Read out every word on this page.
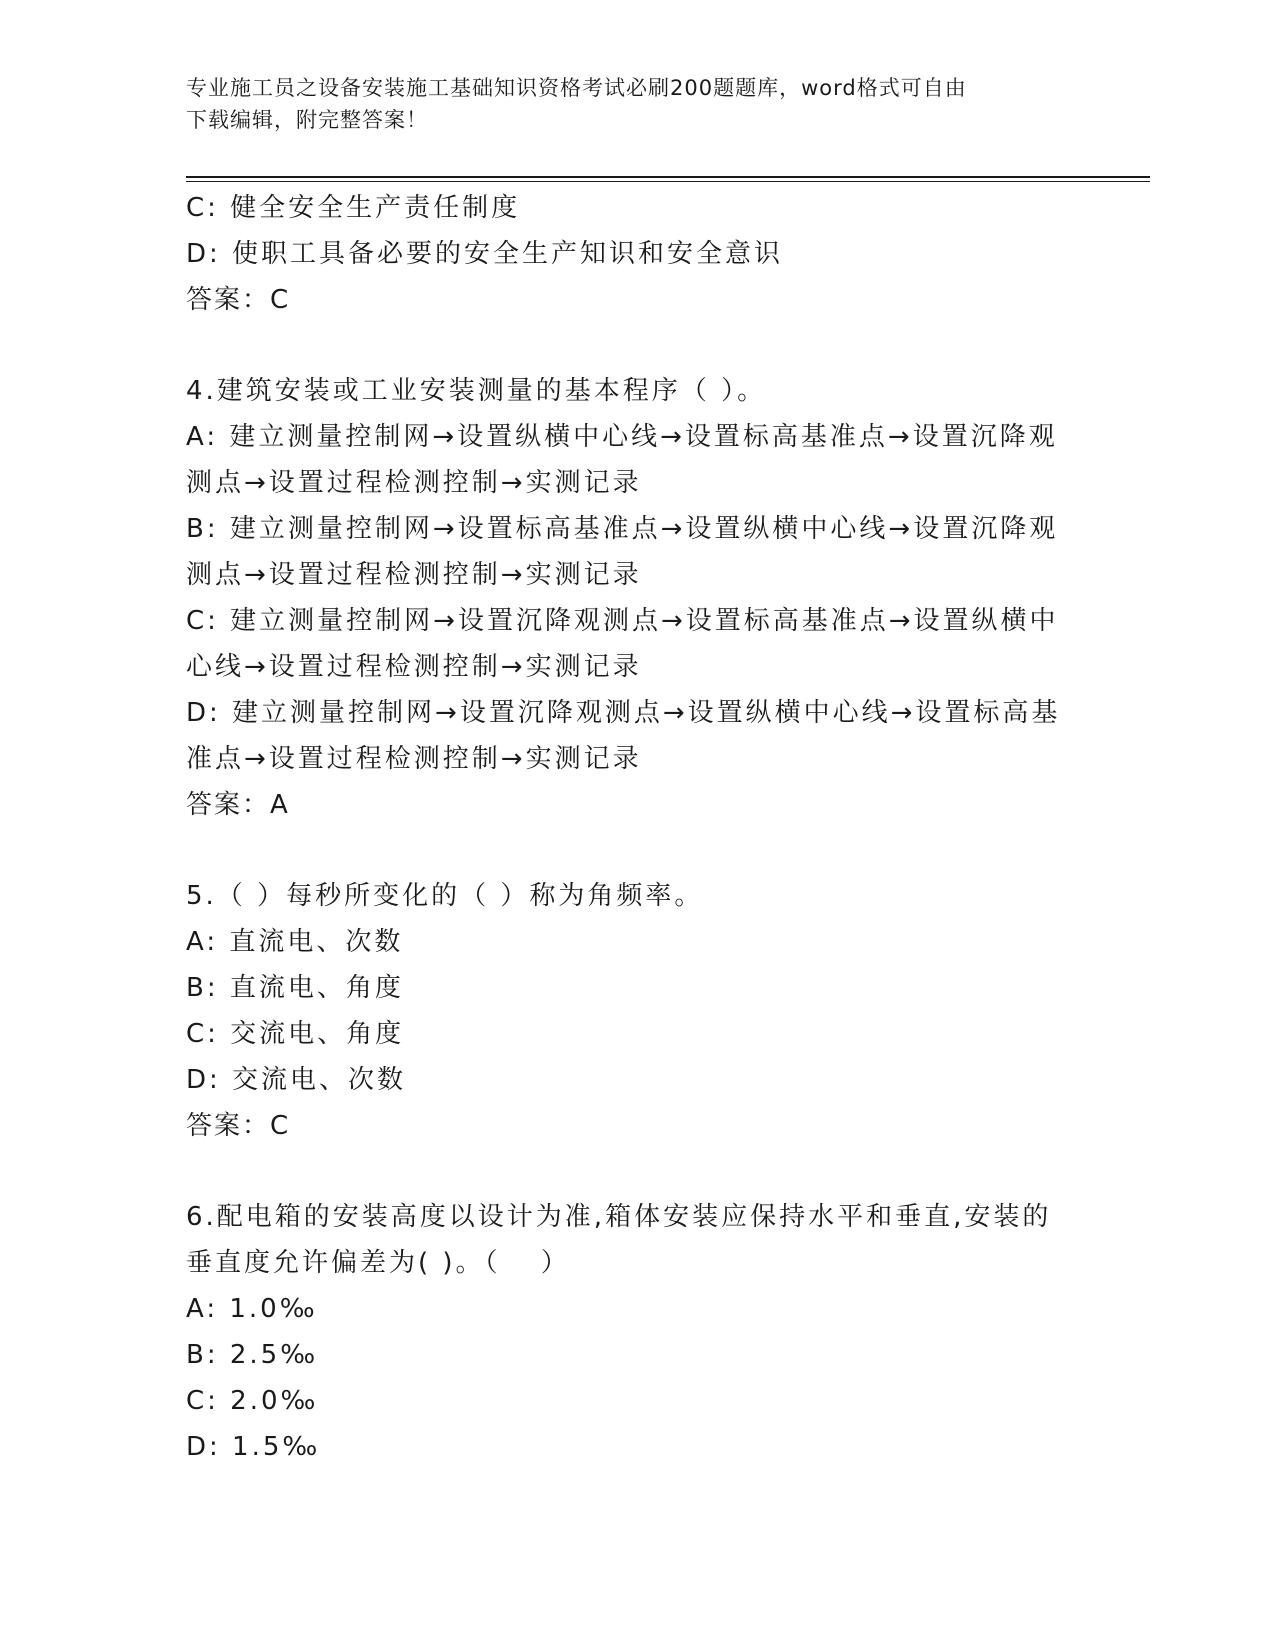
专业施工员之设备安装施工基础知识资格考试必刷200题题库，word格式可自由
下载编辑，附完整答案！
C: 健全安全生产责任制度
D: 使职工具备必要的安全生产知识和安全意识
答案：C
4.建筑安装或工业安装测量的基本程序（ ）。
A: 建立测量控制网→设置纵横中心线→设置标高基准点→设置沉降观
测点→设置过程检测控制→实测记录
B: 建立测量控制网→设置标高基准点→设置纵横中心线→设置沉降观
测点→设置过程检测控制→实测记录
C: 建立测量控制网→设置沉降观测点→设置标高基准点→设置纵横中
心线→设置过程检测控制→实测记录
D: 建立测量控制网→设置沉降观测点→设置纵横中心线→设置标高基
准点→设置过程检测控制→实测记录
答案：A
5.（ ）每秒所变化的（ ）称为角频率。
A: 直流电、次数
B: 直流电、角度
C: 交流电、角度
D: 交流电、次数
答案：C
6.配电箱的安装高度以设计为准,箱体安装应保持水平和垂直,安装的
垂直度允许偏差为( )。（　 ）
A: 1.0‰
B: 2.5‰
C: 2.0‰
D: 1.5‰
